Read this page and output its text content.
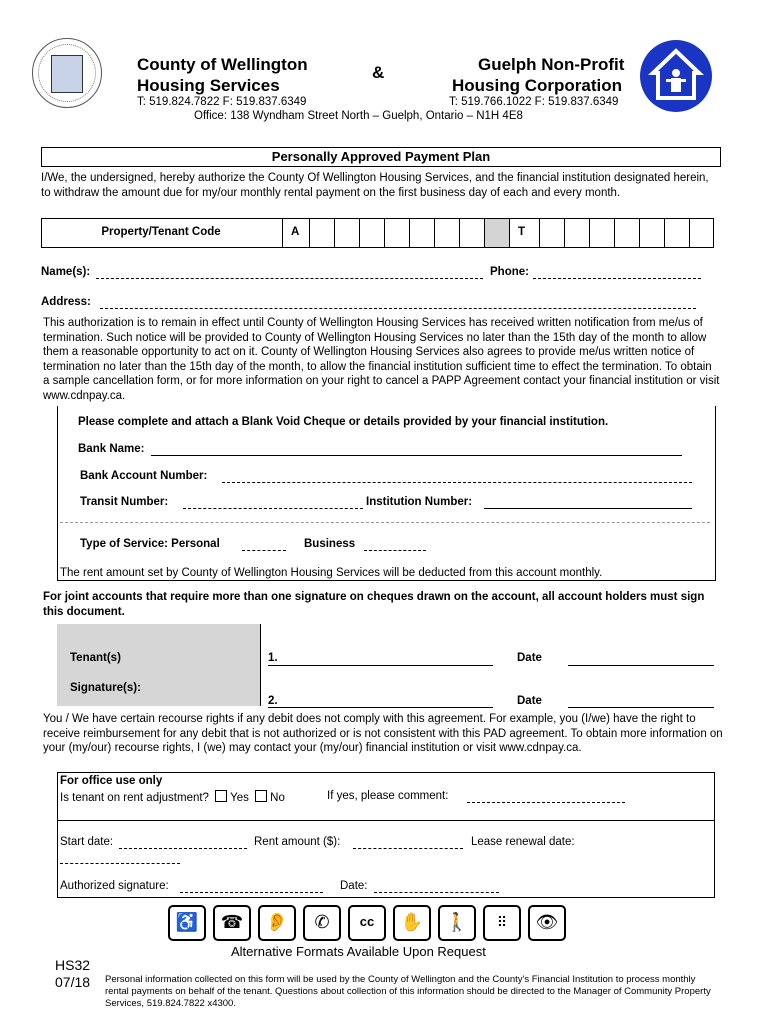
County of Wellington
Housing Services
&	Guelph Non-Profit
Housing Corporation
T: 519.824.7822 F: 519.837.6349	T: 519.766.1022 F: 519.837.6349
Office: 138 Wyndham Street North – Guelph, Ontario – N1H 4E8
Personally Approved Payment Plan
I/We, the undersigned, hereby authorize the County Of Wellington Housing Services, and the financial institution designated herein, to withdraw the amount due for my/our monthly rental payment on the first business day of each and every month.
Property/Tenant Code	A	T
Name(s):	Phone:
Address:
This authorization is to remain in effect until County of Wellington Housing Services has received written notification from me/us of termination. Such notice will be provided to County of Wellington Housing Services no later than the 15th day of the month to allow them a reasonable opportunity to act on it. County of Wellington Housing Services also agrees to provide me/us written notice of termination no later than the 15th day of the month, to allow the financial institution sufficient time to effect the termination. To obtain a sample cancellation form, or for more information on your right to cancel a PAPP Agreement contact your financial institution or visit www.cdnpay.ca.
Please complete and attach a Blank Void Cheque or details provided by your financial institution.
Bank Name:
Bank Account Number:
Transit Number:	Institution Number:
Type of Service: Personal	Business
The rent amount set by County of Wellington Housing Services will be deducted from this account monthly.
For joint accounts that require more than one signature on cheques drawn on the account, all account holders must sign this document.
Tenant(s)
Signature(s):
1.	Date
2.	Date
You / We have certain recourse rights if any debit does not comply with this agreement. For example, you (I/we) have the right to receive reimbursement for any debit that is not authorized or is not consistent with this PAD agreement. To obtain more information on your (my/our) recourse rights, I (we) may contact your (my/our) financial institution or visit www.cdnpay.ca.
For office use only
Is tenant on rent adjustment? Yes No	If yes, please comment:
Start date:	Rent amount ($):	Lease renewal date:
Authorized signature:	Date:
♿	☎	👂	✆	cc	✋	🚶	⠿	👁
Alternative Formats Available Upon Request
HS32
07/18 Personal information collected on this form will be used by the County of Wellington and the County's Financial Institution to process monthly rental payments on behalf of the tenant. Questions about collection of this information should be directed to the Manager of Community Property Services, 519.824.7822 x4300.
